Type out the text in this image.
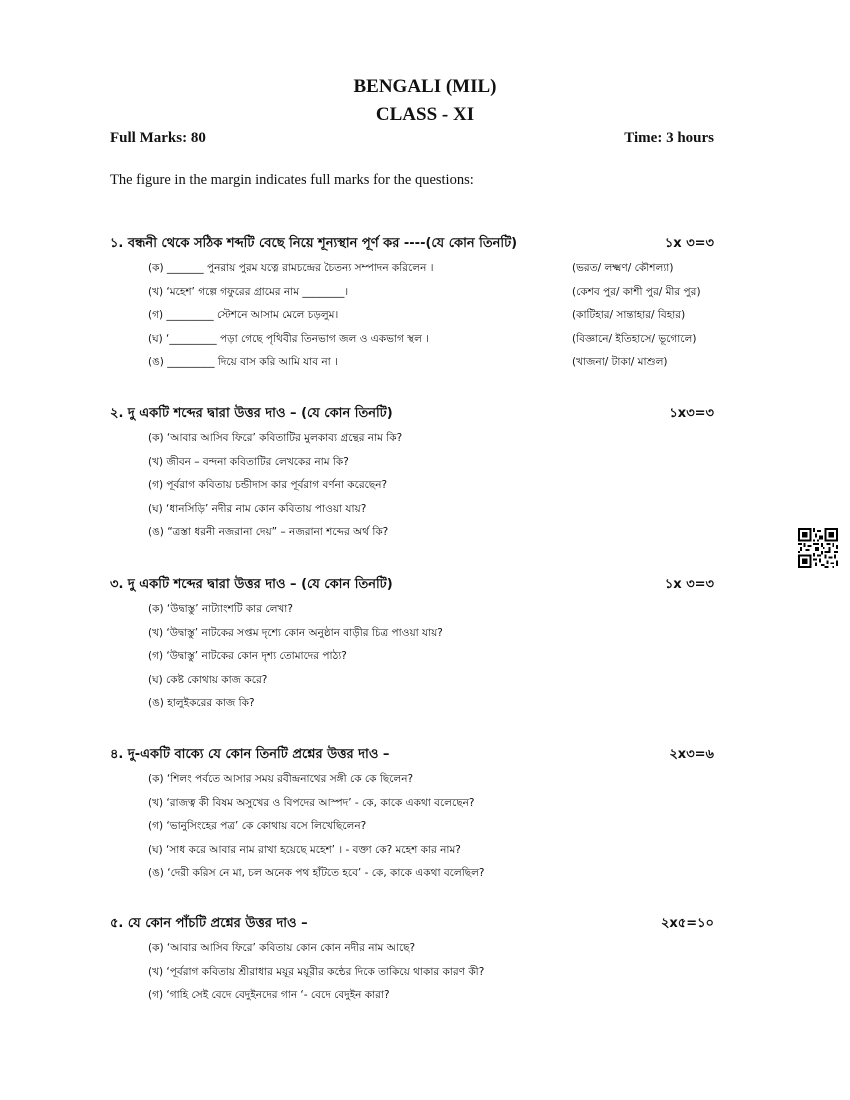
BENGALI (MIL)
CLASS - XI
Full Marks: 80	Time: 3 hours
The figure in the margin indicates full marks for the questions:
১. বন্ধনী থেকে সঠিক শব্দটি বেছে নিয়ে শূন্যস্থান পূর্ণ কর ----(যে কোন তিনটি)	১x ৩=৩
(ক) _______ পুনরায় পুরম যত্নে রামচন্দ্রের চৈতন্য সম্পাদন করিলেন ।	(ভরত/ লক্ষ্মণ/ কৌশল্যা)
(খ) ‘মহেশ’ গল্পে গফুরের গ্রামের নাম ________।	(কেশব পুর/ কাশী পুর/ মীর পুর)
(গ) _________ স্টেশনে আসাম মেলে চড়লুম।	(কাটিহার/ সান্তাহার/ বিহার)
(ঘ) ‘_________ পড়া গেছে পৃথিবীর তিনভাগ জল ও একভাগ স্থল ।	(বিজ্ঞানে/ ইতিহাসে/ ভূগোলে)
(ঙ) _________ দিয়ে বাস করি আমি যাব না ।	(খাজনা/ টাকা/ মাশুল)
২. দু একটি শব্দের দ্বারা উত্তর দাও – (যে কোন তিনটি)	১x৩=৩
(ক) ‘আবার আসিব ফিরে’ কবিতাটির মুলকাব্য গ্রন্থের নাম কি?
(খ) জীবন – বন্দনা কবিতাটির লেখকের নাম কি?
(গ) পূর্বরাগ কবিতায় চন্ডীদাস কার পূর্বরাগ বর্ণনা করেছেন?
(ঘ) ‘ধানসিড়ি’ নদীর নাম কোন কবিতায় পাওয়া যায়?
(ঙ) “ত্রস্তা ধরনী নজরানা দেয়” – নজরানা শব্দের অর্থ কি?
৩. দু একটি শব্দের দ্বারা উত্তর দাও – (যে কোন তিনটি)	১x ৩=৩
(ক) ‘উদ্বাস্তু’ নাট্যাংশটি কার লেখা?
(খ) ‘উদ্বাস্তু’ নাটকের সপ্তম দৃশ্যে কোন অনুষ্ঠান বাড়ীর চিত্র পাওয়া যায়?
(গ) ‘উদ্বাস্তু’ নাটকের কোন দৃশ্য তোমাদের পাঠ্য?
(ঘ) কেষ্ট কোথায় কাজ করে?
(ঙ) হালুইকরের কাজ কি?
৪. দু-একটি বাক্যে যে কোন তিনটি প্রশ্নের উত্তর দাও –	২x৩=৬
(ক) ‘শিলং পর্বতে আসার সময় রবীন্দ্রনাথের সঙ্গী কে কে ছিলেন?
(খ) ‘রাজত্ব কী বিষম অসুখের ও বিপদের আস্পদ’ - কে, কাকে একথা বলেছেন?
(গ) ‘ভানুসিংহের পত্র’ কে কোথায় বসে লিখেছিলেন?
(ঘ) ‘সাধ করে আবার নাম রাখা হয়েছে মহেশ’ । - বক্তা কে? মহেশ কার নাম?
(ঙ) ‘দেরী করিস নে মা, চল অনেক পথ হাঁটতে হবে’ - কে, কাকে একথা বলেছিল?
৫. যে কোন পাঁচটি প্রশ্নের উত্তর দাও –	২x৫=১০
(ক) ‘আবার আসিব ফিরে’ কবিতায় কোন কোন নদীর নাম আছে?
(খ) ‘পূর্বরাগ কবিতায় শ্রীরাধার ময়ূর ময়ূরীর কন্ঠের দিকে তাকিয়ে থাকার কারণ কী?
(গ) ‘গাহি সেই বেদে বেদুইনদের গান ‘- বেদে বেদুইন কারা?
